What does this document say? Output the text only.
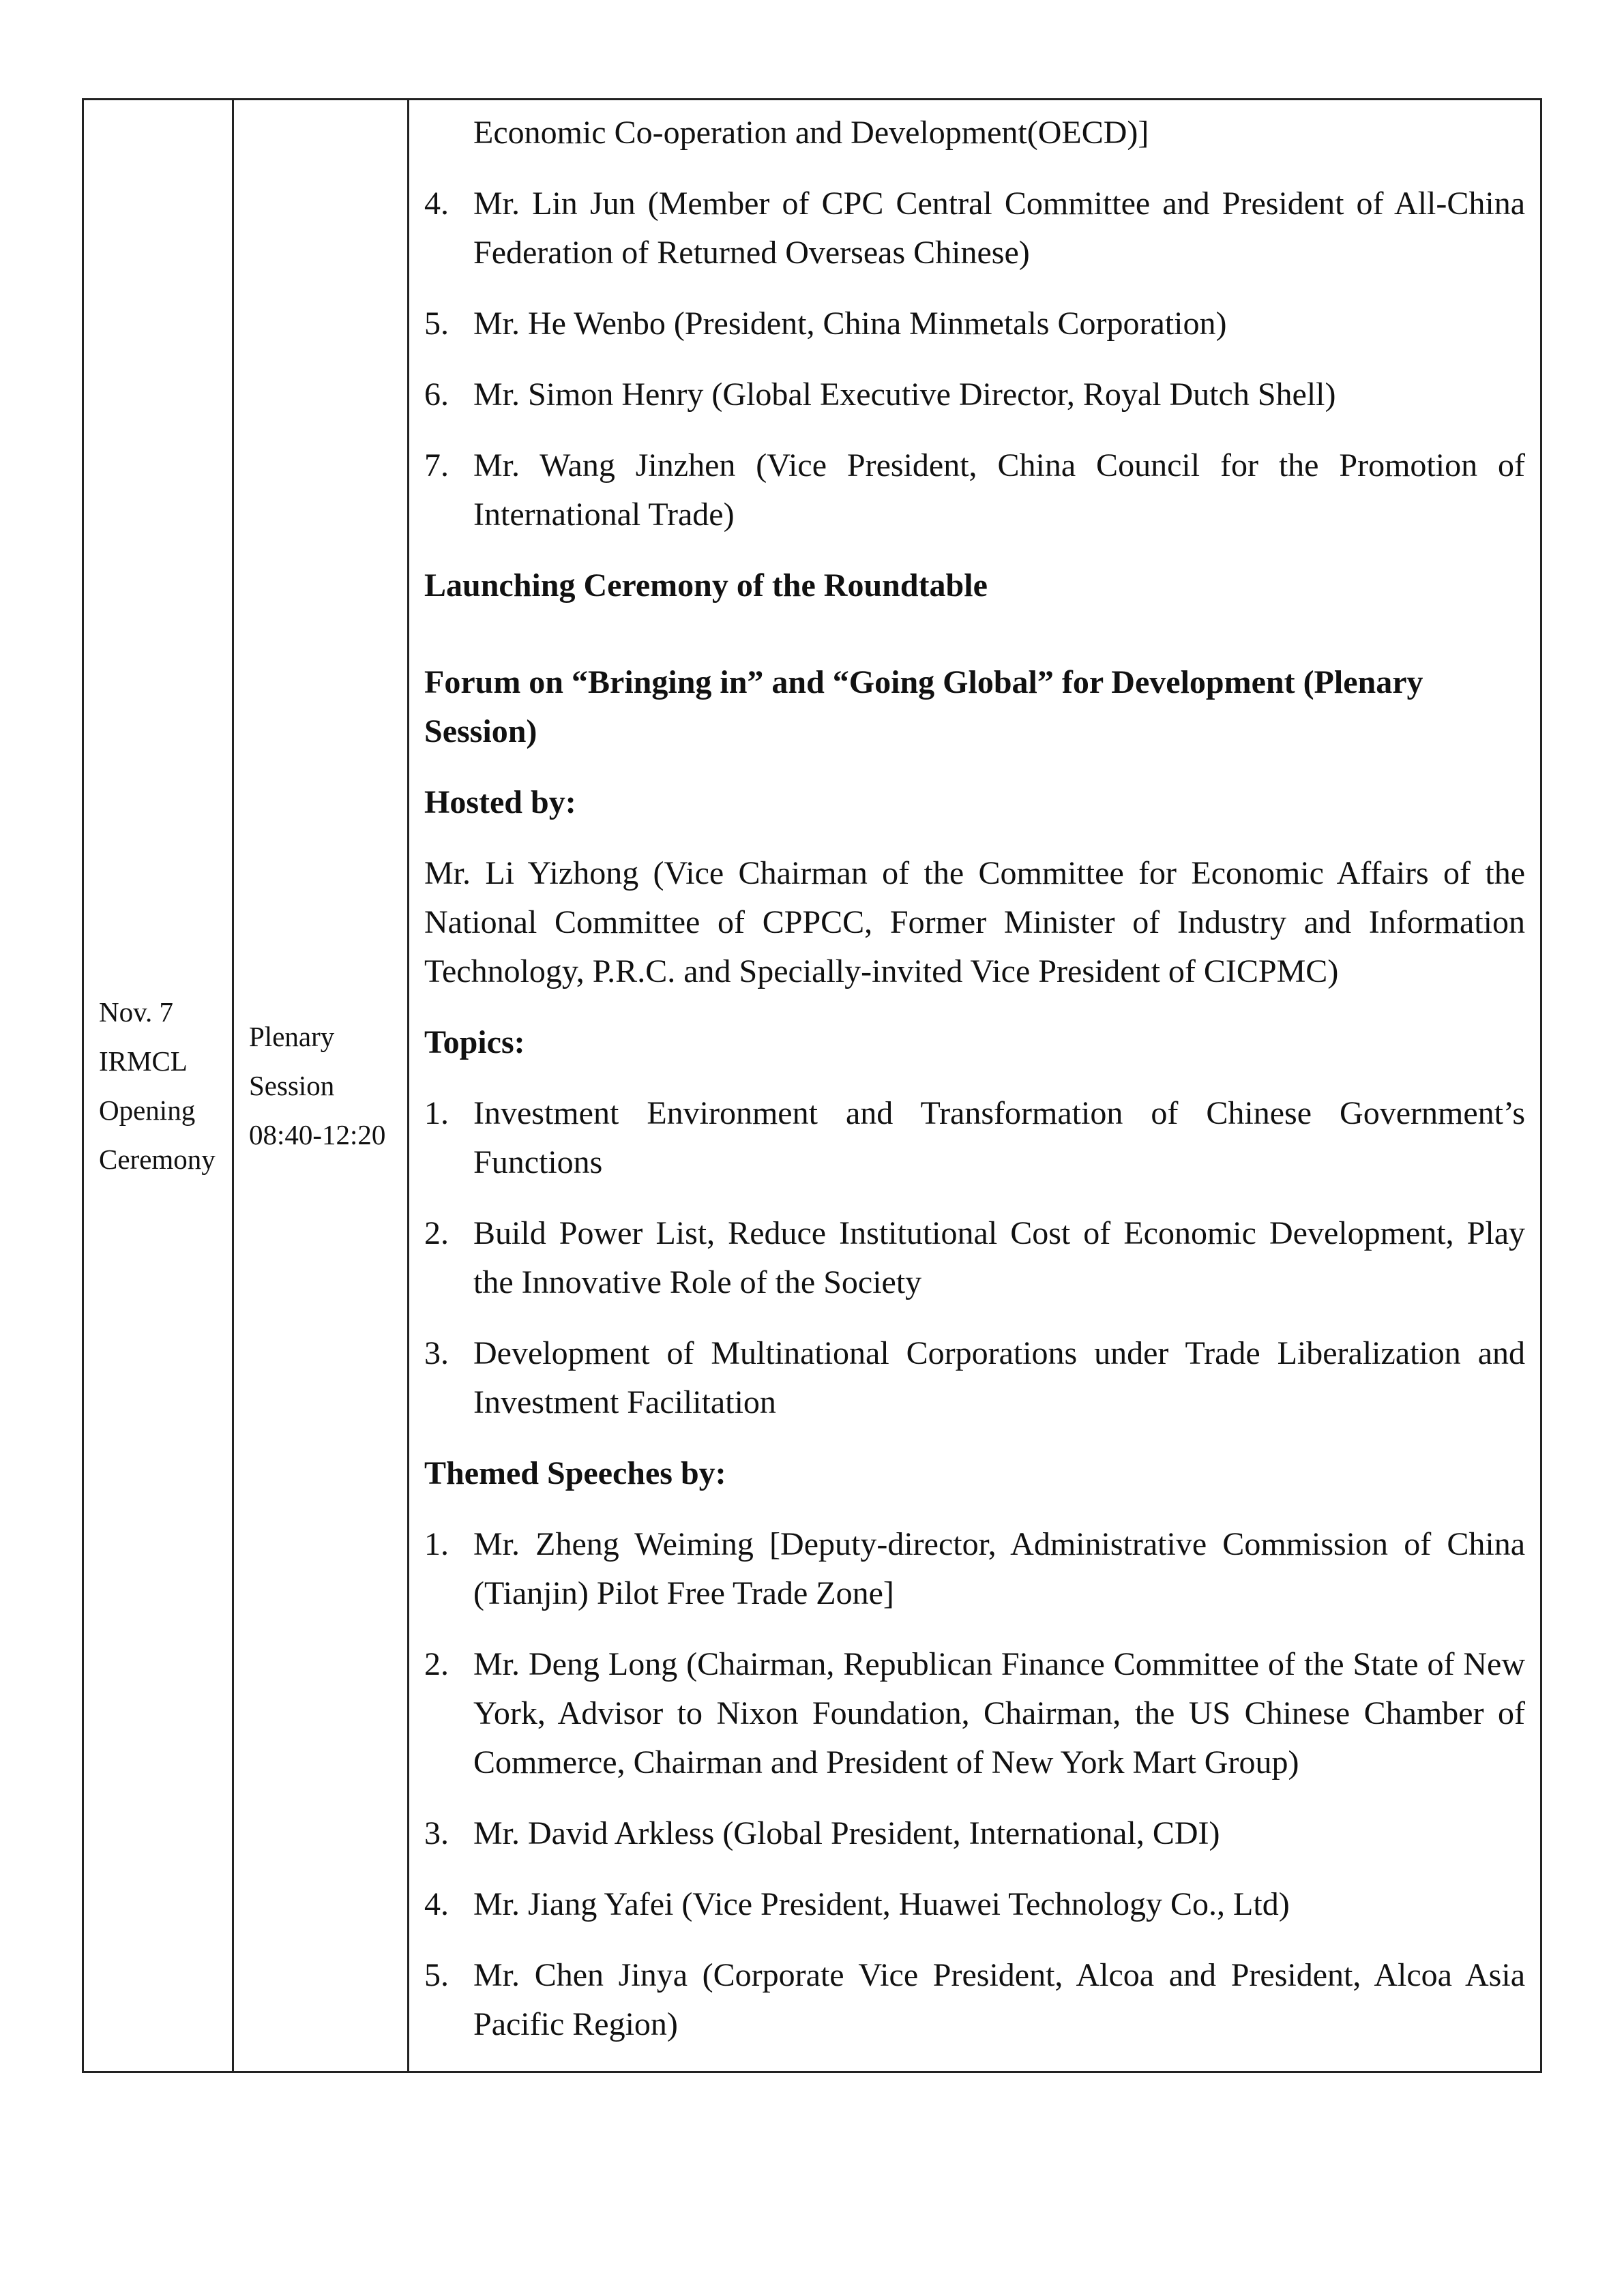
Nov. 7
IRMCL
Opening
Ceremony
Plenary
Session
08:40-12:20
Economic Co-operation and Development(OECD)]
4. Mr. Lin Jun (Member of CPC Central Committee and President of All-China Federation of Returned Overseas Chinese)
5. Mr. He Wenbo (President, China Minmetals Corporation)
6. Mr. Simon Henry (Global Executive Director, Royal Dutch Shell)
7. Mr. Wang Jinzhen (Vice President, China Council for the Promotion of International Trade)
Launching Ceremony of the Roundtable
Forum on “Bringing in” and “Going Global” for Development (Plenary Session)
Hosted by:
Mr. Li Yizhong (Vice Chairman of the Committee for Economic Affairs of the National Committee of CPPCC, Former Minister of Industry and Information Technology, P.R.C. and Specially-invited Vice President of CICPMC)
Topics:
1. Investment Environment and Transformation of Chinese Government’s Functions
2. Build Power List, Reduce Institutional Cost of Economic Development, Play the Innovative Role of the Society
3. Development of Multinational Corporations under Trade Liberalization and Investment Facilitation
Themed Speeches by:
1. Mr. Zheng Weiming [Deputy-director, Administrative Commission of China (Tianjin) Pilot Free Trade Zone]
2. Mr. Deng Long (Chairman, Republican Finance Committee of the State of New York, Advisor to Nixon Foundation, Chairman, the US Chinese Chamber of Commerce, Chairman and President of New York Mart Group)
3. Mr. David Arkless (Global President, International, CDI)
4. Mr. Jiang Yafei (Vice President, Huawei Technology Co., Ltd)
5. Mr. Chen Jinya (Corporate Vice President, Alcoa and President, Alcoa Asia Pacific Region)
